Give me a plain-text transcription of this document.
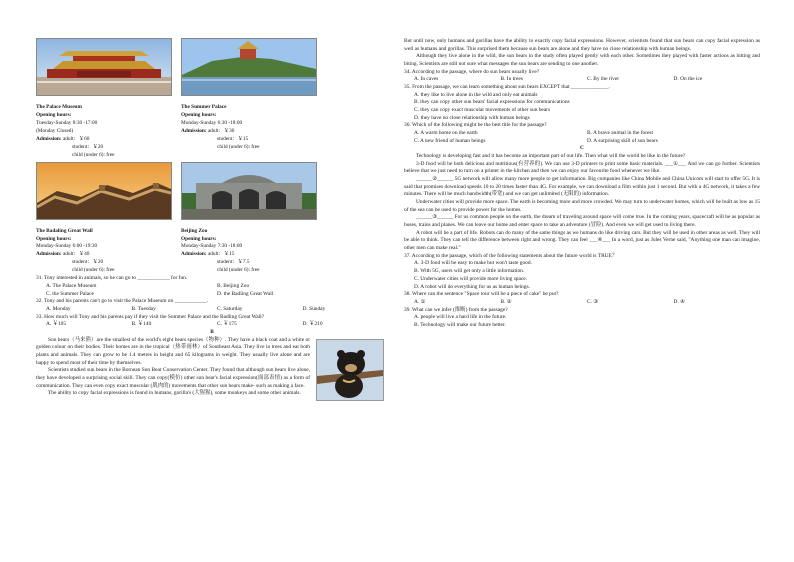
The Palace Museum
Opening hours:
Tuesday-Sunday 8:30 -17:00
(Monday Closed)
Admission: adult：￥60
student：￥20
child (under 6): free
The Summer Palace
Opening hours:
Monday-Sunday 6:30 -18:00
Admission: adult：￥30
student：￥15
child (under 6): free
The Badaling Great Wall
Opening hours:
Monday-Sunday 6:00 -19:30
Admission: adult：￥40
student：￥20
child (under 6): free
Beijing Zoo
Opening hours:
Monday-Sunday 7:30 -18:00
Admission: adult：￥15
student：￥7.5
child (under 6): free
31. Tony interested in animals, so he can go to ____________ for fun.
A. The Palace Museum	B. Beijing Zoo
C. the Summer Palace	D. the Badling Great Wall
32. Tony and his parents can't go to visit the Palace Museum on ____________.
A. Monday	B. Tuesday	C. Saturday	D. Sunday
33. How much will Tony and his parents pay if they visit the Summer Palace and the Badling Great Wall?
A. ￥105	B. ￥140	C. ￥175	D. ￥210
B

Sun bears（马来熊）are the smallest of the world's eight bears species（物种）. They have a black coat and a white or golden colour on their bodies. Their homes are in the tropical（热带雨林）of Southeast Asia. They live in trees and eat both plants and animals. They can grow to be 1.4 metres in height and 65 kilograms in weight. They usually live alone and are happy to spend most of their time by themselves.

Scientists studied sun bears in the Bornean Sun Bear Conservation Center. They found that although sun bears live alone, they have developed a surprising social skill. They can copy(模仿) other sun bear's facial expression(面部表情) as a form of communication. They can even copy exact muscular (肌肉的) movements that other sun bears make- such as making a face.

The ability to copy facial expressions is found in humans, gorilla's (大猩猩), some monkeys and some other animals.

But until now, only humans and gorillas have the ability to exactly copy facial expressions. However, scientists found that sun bears can copy facial expression as well as humans and gorillas. This surprised them because sun bears are alone and they have no close relationship with human beings.

Although they live alone in the wild, the sun bears in the study often played gently with each other. Sometimes they played with faster actions as hitting and biting. Scientists are still not sure what messages the sun bears are sending to one another.

34. According to the passage, where do sun bears usually live?
A. In caves	B. In trees	C. By the river	D. On the ice
35. From the passage, we can learn something about sun bears EXCEPT that ______________.
A. they like to live alone in the wild and only eat animals
B. they can copy other sun bears' facial expressions for communications
C. they can copy exact muscular movements of other sun bears
D. they have no close relationship with human beings
36. Which of the following might be the best title for the passage?
A. A warm home on the earth	B. A brave animal in the forest
C. A new friend of human beings	D. A surprising skill of sun bears
C

Technology is developing fast and it has become an important part of our life. Then what will the world be like in the future?

3-D food will be both delicious and nutritious(有营养的). We can use 3-D printers to print some basic materials. ___①___ And we can go further. Scientists believe that we just need to turn on a printer in the kitchen and then we can enjoy our favourite food whenever we like.

______②______ 5G network will allow many more people to get information. Big companies like China Mobile and China Unicom will start to offer 5G. It is said that promises download speeds 10 to 20 times faster than 4G. For example, we can download a film within just 1 second. But with a 4G network, it takes a few minutes. There will be much bandwidth(带宽) and we can get unlimited (无限的) information.

Underwater cities will provide more space. The earth is becoming more and more crowded. We may turn to underwater homes, which will be built as low as 15 of the sea can be used to provide power for the homes.

______③______ For us common people on the earth, the dream of traveling around space will come true. In the coming years, spacecraft will be as popular as buses, trains and planes. We can leave our home and enter space to take an adventure (冒险). And even we will get used to living there.

A robot will be a part of life. Robots can do many of the same things as we humans do like driving cars. But they will be used in other areas as well. They will be able to think. They can tell the difference between right and wrong. They can feel ___④___ In a word, just as Jules Verne said, "Anything one man can imagine, other men can make real."

37. According to the passage, which of the following statements about the future world is TRUE？
A. 3-D food will be easy to make but won't taste good.
B. With 5G, users will get only a little information.
C. Underwater cities will provide more living space.
D. A robot will do everything for us as human beings.
38. Where can the sentence "Space tour will be a piece of cake" be put?
A. ①	B. ②	C. ③	D. ④
39. What can we infer (推断) from the passage?
A. people will live a hard life in the future.
B. Technology will make our future better.
